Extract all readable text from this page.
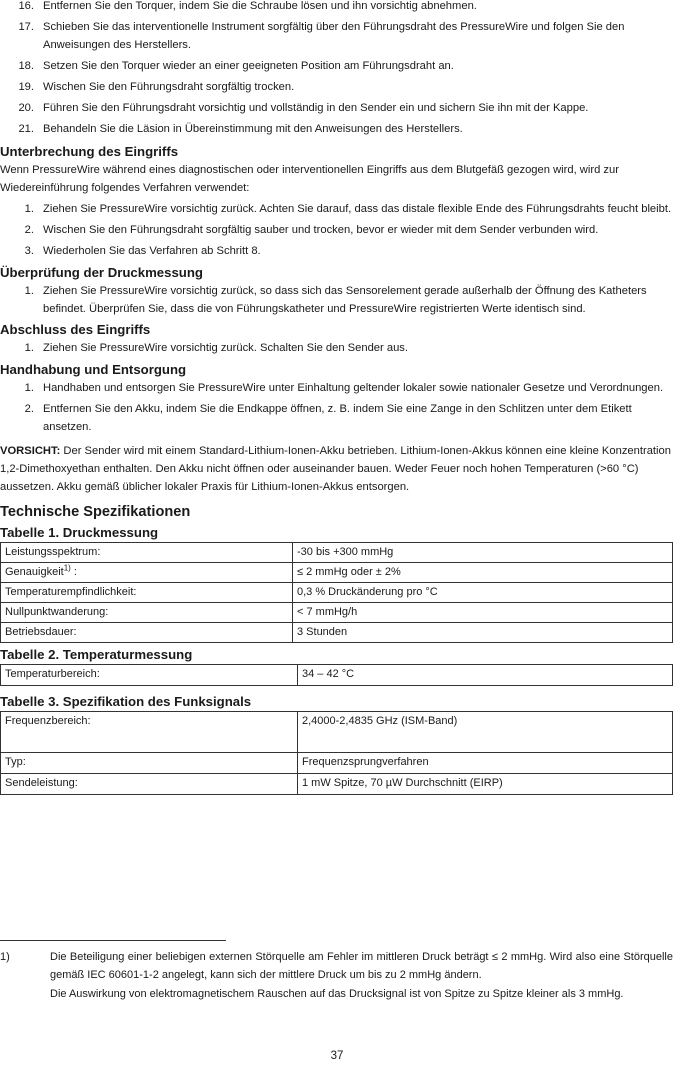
16. Entfernen Sie den Torquer, indem Sie die Schraube lösen und ihn vorsichtig abnehmen.
17. Schieben Sie das interventionelle Instrument sorgfältig über den Führungsdraht des PressureWire und folgen Sie den Anweisungen des Herstellers.
18. Setzen Sie den Torquer wieder an einer geeigneten Position am Führungsdraht an.
19. Wischen Sie den Führungsdraht sorgfältig trocken.
20. Führen Sie den Führungsdraht vorsichtig und vollständig in den Sender ein und sichern Sie ihn mit der Kappe.
21. Behandeln Sie die Läsion in Übereinstimmung mit den Anweisungen des Herstellers.
Unterbrechung des Eingriffs

Wenn PressureWire während eines diagnostischen oder interventionellen Eingriffs aus dem Blutgefäß gezogen wird, wird zur Wiedereinführung folgendes Verfahren verwendet:

1. Ziehen Sie PressureWire vorsichtig zurück. Achten Sie darauf, dass das distale flexible Ende des Führungsdrahts feucht bleibt.
2. Wischen Sie den Führungsdraht sorgfältig sauber und trocken, bevor er wieder mit dem Sender verbunden wird.
3. Wiederholen Sie das Verfahren ab Schritt 8.
Überprüfung der Druckmessung
1. Ziehen Sie PressureWire vorsichtig zurück, so dass sich das Sensorelement gerade außerhalb der Öffnung des Katheters befindet. Überprüfen Sie, dass die von Führungskatheter und PressureWire registrierten Werte identisch sind.
Abschluss des Eingriffs
1. Ziehen Sie PressureWire vorsichtig zurück. Schalten Sie den Sender aus.
Handhabung und Entsorgung
1. Handhaben und entsorgen Sie PressureWire unter Einhaltung geltender lokaler sowie nationaler Gesetze und Verordnungen.
2. Entfernen Sie den Akku, indem Sie die Endkappe öffnen, z. B. indem Sie eine Zange in den Schlitzen unter dem Etikett ansetzen.

VORSICHT: Der Sender wird mit einem Standard-Lithium-Ionen-Akku betrieben. Lithium-Ionen-Akkus können eine kleine Konzentration 1,2-Dimethoxyethan enthalten. Den Akku nicht öffnen oder auseinander bauen. Weder Feuer noch hohen Temperaturen (>60 °C) aussetzen. Akku gemäß üblicher lokaler Praxis für Lithium-Ionen-Akkus entsorgen.

Technische Spezifikationen
Tabelle 1. Druckmessung
Leistungsspektrum:	-30 bis +300 mmHg
Genauigkeit$^{1)}$ :	≤ 2 mmHg oder ± 2%
Temperaturempfindlichkeit:	0,3 % Druckänderung pro °C
Nullpunktwanderung:	< 7 mmHg/h
Betriebsdauer:	3 Stunden
Tabelle 2. Temperaturmessung
Temperaturbereich:	34 – 42 °C
Tabelle 3. Spezifikation des Funksignals
Frequenzbereich:	2,4000-2,4835 GHz (ISM-Band)
Typ:	Frequenzsprungverfahren
Sendeleistung:	1 mW Spitze, 70 µW Durchschnitt (EIRP)
1)	Die Beteiligung einer beliebigen externen Störquelle am Fehler im mittleren Druck beträgt ≤ 2 mmHg. Wird also eine Störquelle gemäß IEC 60601-1-2 angelegt, kann sich der mittlere Druck um bis zu 2 mmHg ändern.
Die Auswirkung von elektromagnetischem Rauschen auf das Drucksignal ist von Spitze zu Spitze kleiner als 3 mmHg.
37
